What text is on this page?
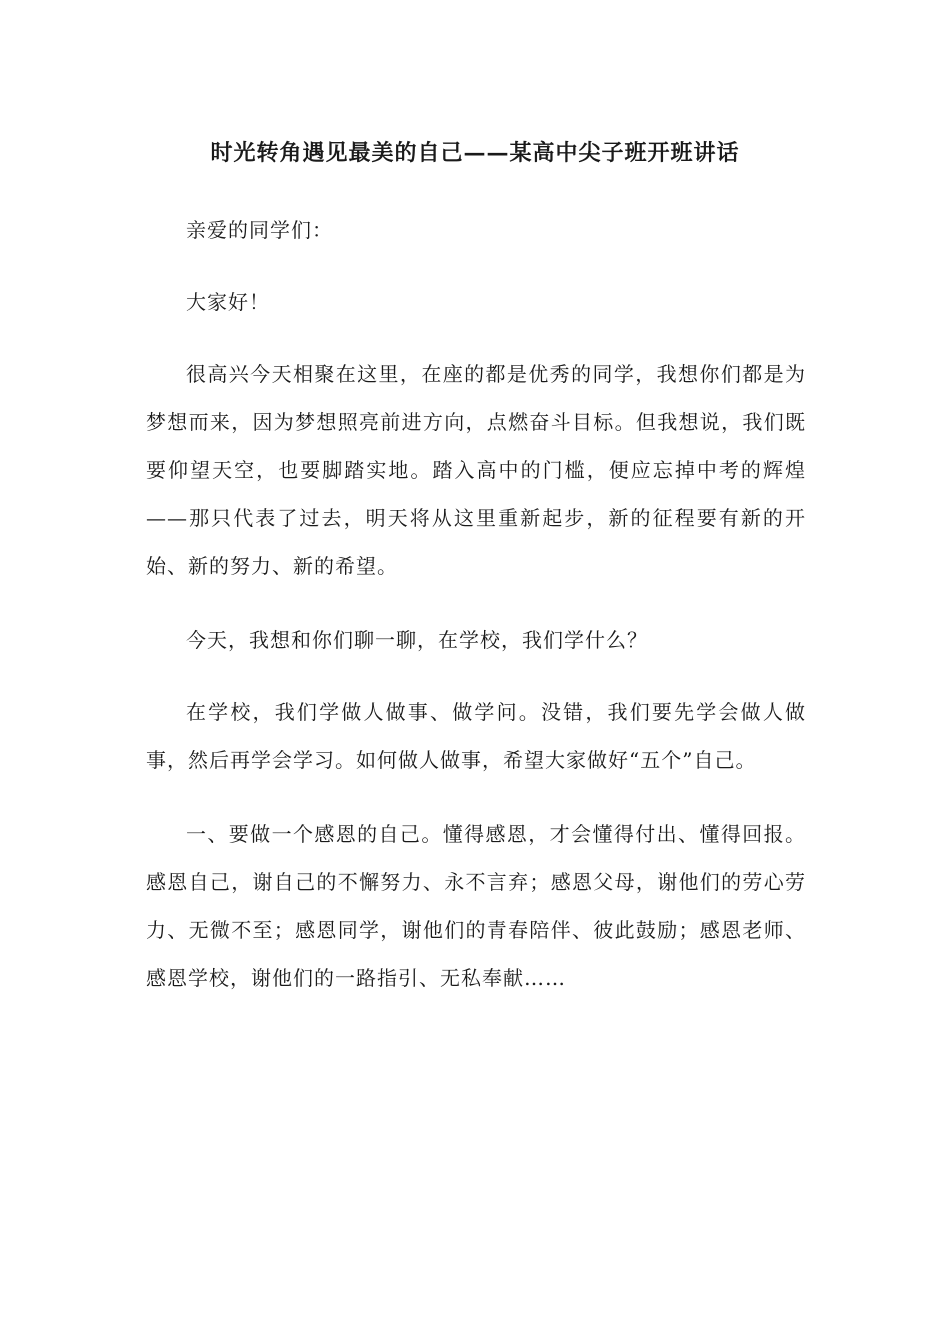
时光转角遇见最美的自己——某高中尖子班开班讲话

亲爱的同学们：

大家好！

很高兴今天相聚在这里，在座的都是优秀的同学，我想你们都是为梦想而来，因为梦想照亮前进方向，点燃奋斗目标。但我想说，我们既要仰望天空，也要脚踏实地。踏入高中的门槛，便应忘掉中考的辉煌——那只代表了过去，明天将从这里重新起步，新的征程要有新的开始、新的努力、新的希望。

今天，我想和你们聊一聊，在学校，我们学什么？

在学校，我们学做人做事、做学问。没错，我们要先学会做人做事，然后再学会学习。如何做人做事，希望大家做好“五个”自己。

一、要做一个感恩的自己。懂得感恩，才会懂得付出、懂得回报。感恩自己，谢自己的不懈努力、永不言弃；感恩父母，谢他们的劳心劳力、无微不至；感恩同学，谢他们的青春陪伴、彼此鼓励；感恩老师、感恩学校，谢他们的一路指引、无私奉献……
